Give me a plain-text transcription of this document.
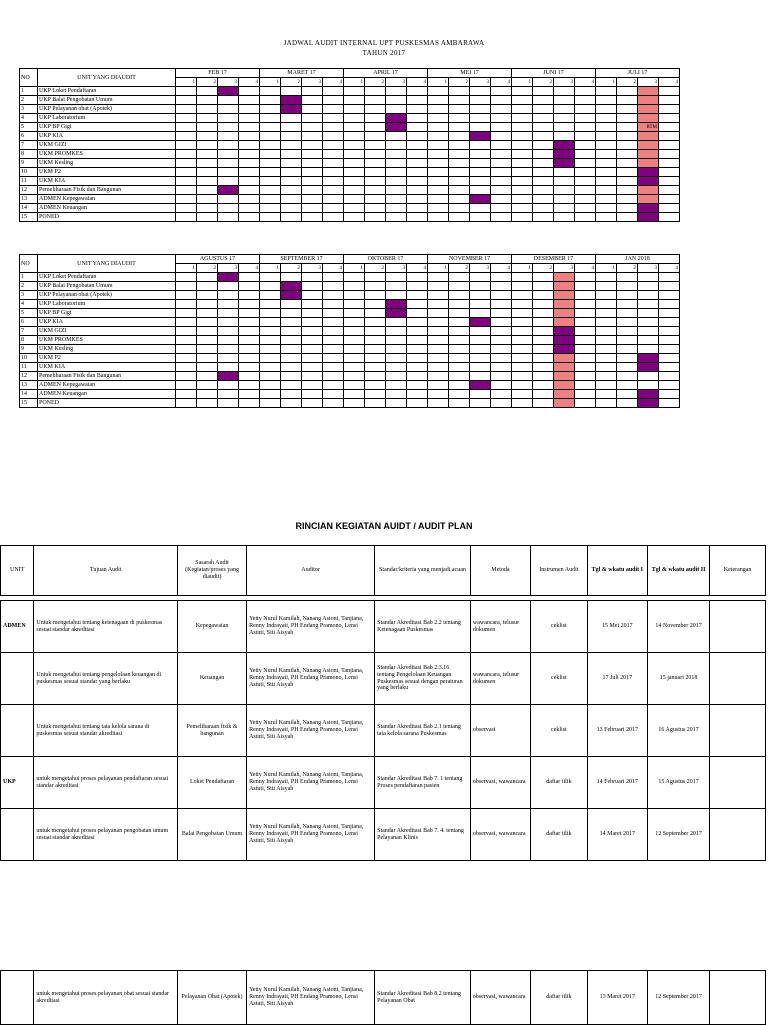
JADWAL AUDIT INTERNAL UPT PUSKESMAS AMBARAWA
TAHUN 2017
NO	UNIT YANG DIAUDIT	FEB 17				MARET 17				APRIL 17				MEI 17				JUNI 17				JULI 17			
		1	2	3	4	1	2	3	4	1	2	3	4	1	2	3	4	1	2	3	4	1	2	3	4
1	UKP Loket Pendaftaran																								
2	UKP Balai Pengobatan Umum																								
3	UKP Pelayanan obat (Apotek)																								
4	UKP Laboratorium																								
5	UKP BP Gigi																							RTM	
6	UKP KIA																								
7	UKM GIZI																								
8	UKM PROMKES																								
9	UKM Kesling																								
10	UKM P2																								
11	UKM KIA																								
12	Pemeliharaan Fisik dan Bangunan																								
13	ADMEN Kepegawaian																								
14	ADMEN Keuangan																								
15	PONED																								
NO	UNIT YANG DIAUDIT	AGUSTUS 17				SEPTEMBER 17				OKTOBER 17				NOVEMBER 17				DESEMBER 17				JAN 2018			
		1	2	3	4	1	2	3	4	1	2	3	4	1	2	3	4	1	2	3	4	1	2	3	4
1	UKP Loket Pendaftaran																								
2	UKP Balai Pengobatan Umum																								
3	UKP Pelayanan obat (Apotek)																								
4	UKP Laboratorium																								
5	UKP BP Gigi																								
6	UKP KIA																								
7	UKM GIZI																								
8	UKM PROMKES																								
9	UKM Kesling																								
10	UKM P2																								
11	UKM KIA																								
12	Pemeliharaan Fisik dan Bangunan																								
13	ADMEN Kepegawaian																								
14	ADMEN Keuangan																								
15	PONED																								
RINCIAN KEGIATAN AUIDT / AUDIT PLAN
UNIT	Tujuan Audit	Sasarah Audit (Kegiatan/proses yang diaudit)	Auditor	Standar/kriteria yang menjadi acuan	Metoda	Instrumen Audit	Tgl & wkatu audit I	Tgl & wkatu audit II	Keterangan
ADMEN	Untuk mengetahui tentang ketenagaan di puskesmas sesuai standar akreditasi	Kepegawaian	Yetty Nurul Kamilah, Nanang Astoni, Tanjiana, Renny Indrayati, PH Endang Pramono, Lensi Astuti, Siti Aisyah	Standar Akreditasi Bab 2.2 tentang Ketenagaan Puskesmas	wawancara, telusur dokumen	ceklist	15 Mei 2017	14 November 2017	
	Untuk mengetahui tentang pengelolaan keuangan di puskesmas sesuai standar yang berlaku	Keuangan	Yetty Nurul Kamilah, Nanang Astoni, Tanjiana, Renny Indrayati, PH Endang Pramono, Lensi Astuti, Siti Aisyah	Standar Akreditasi Bab 2.3.16 tentang Pengelolaan Keuangan Puskesmas sesuai dengan peraturan yang berlaku	wawancara, telusur dokumen	ceklist	17 Juli 2017	15 januari 2018	
	Untuk mengetahui tentang tata kelola sarana di puskesmas sesuai standar akreditasi	Pemeliharaan fisik & bangunan	Yetty Nurul Kamilah, Nanang Astoni, Tanjiana, Renny Indrayati, PH Endang Pramono, Lensi Astuti, Siti Aisyah	Standar Akreditasi Bab 2.1 tentang tata kelola sarana Puskesmas	observasi	ceklist	13 Februari 2017	16 Agustus 2017	
UKP	untuk mengetahui proses pelayanan pendaftaran sesuai standar akreditasi	Loket Pendaftaran	Yetty Nurul Kamilah, Nanang Astoni, Tanjiana, Renny Indrayati, PH Endang Pramono, Lensi Astuti, Siti Aisyah	Standar Akreditasi Bab 7. 1 tentang Proses pendaftaran pasien	observasi, wawancara	daftar tilik	14 Februari 2017	15 Agustus 2017	
	untuk mengetahui proses pelayanan pengobatan umum sesuai standar akreditasi	Balai Pengobatan Umum	Yetty Nurul Kamilah, Nanang Astoni, Tanjiana, Renny Indrayati, PH Endang Pramono, Lensi Astuti, Siti Aisyah	Standar Akreditasi Bab 7. 4. tentang Pelayanan Klinis	observasi, wawancara	daftar tilik	14 Maret 2017	12 September 2017	
	untuk mengetahui proses pelayanan obat sesuai standar akreditasi	Pelayanan Obat (Apotek)	Yetty Nurul Kamilah, Nanang Astoni, Tanjiana, Renny Indrayati, PH Endang Pramono, Lensi Astuti, Siti Aisyah	Standar Akreditasi Bab 8.2 tentang Pelayanan Obat	observasi, wawancara	daftar tilik	13 Maret 2017	12 September 2017	
